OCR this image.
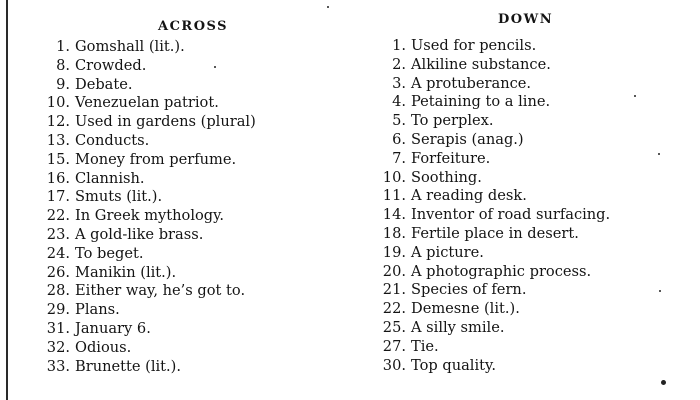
ACROSS
1. Gomshall (lit.).
8. Crowded.
9. Debate.
10. Venezuelan patriot.
12. Used in gardens (plural)
13. Conducts.
15. Money from perfume.
16. Clannish.
17. Smuts (lit.).
22. In Greek mythology.
23. A gold-like brass.
24. To beget.
26. Manikin (lit.).
28. Either way, he’s got to.
29. Plans.
31. January 6.
32. Odious.
33. Brunette (lit.).
DOWN
1. Used for pencils.
2. Alkiline substance.
3. A protuberance.
4. Petaining to a line.
5. To perplex.
6. Serapis (anag.)
7. Forfeiture.
10. Soothing.
11. A reading desk.
14. Inventor of road surfacing.
18. Fertile place in desert.
19. A picture.
20. A photographic process.
21. Species of fern.
22. Demesne (lit.).
25. A silly smile.
27. Tie.
30. Top quality.
